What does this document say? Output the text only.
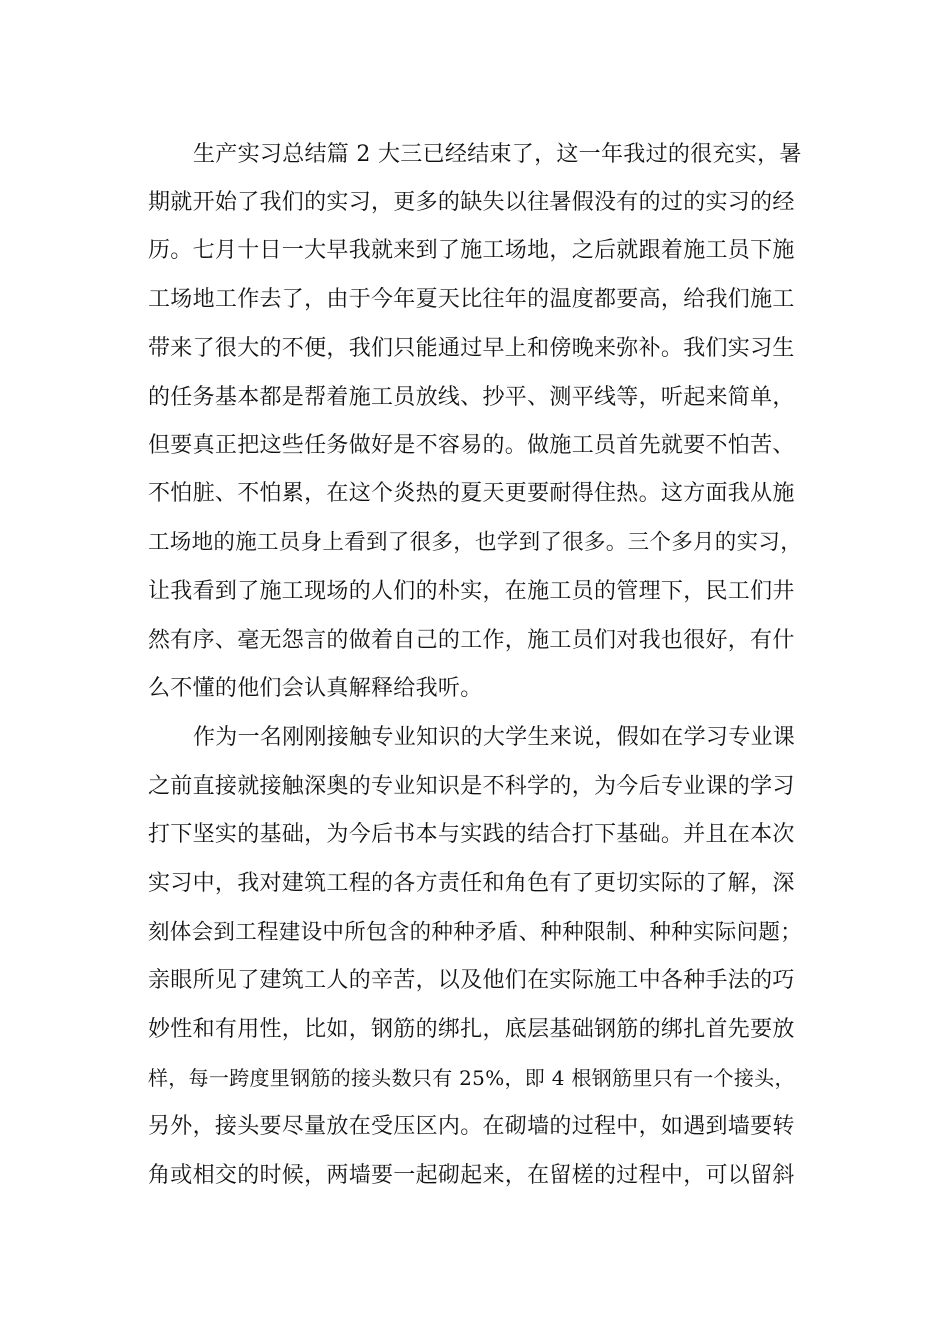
生产实习总结篇 2 大三已经结束了，这一年我过的很充实，暑
期就开始了我们的实习，更多的缺失以往暑假没有的过的实习的经
历。七月十日一大早我就来到了施工场地，之后就跟着施工员下施
工场地工作去了，由于今年夏天比往年的温度都要高，给我们施工
带来了很大的不便，我们只能通过早上和傍晚来弥补。我们实习生
的任务基本都是帮着施工员放线、抄平、测平线等，听起来简单，
但要真正把这些任务做好是不容易的。做施工员首先就要不怕苦、
不怕脏、不怕累，在这个炎热的夏天更要耐得住热。这方面我从施
工场地的施工员身上看到了很多，也学到了很多。三个多月的实习，
让我看到了施工现场的人们的朴实，在施工员的管理下，民工们井
然有序、毫无怨言的做着自己的工作，施工员们对我也很好，有什
么不懂的他们会认真解释给我听。
作为一名刚刚接触专业知识的大学生来说，假如在学习专业课
之前直接就接触深奥的专业知识是不科学的，为今后专业课的学习
打下坚实的基础，为今后书本与实践的结合打下基础。并且在本次
实习中，我对建筑工程的各方责任和角色有了更切实际的了解，深
刻体会到工程建设中所包含的种种矛盾、种种限制、种种实际问题；
亲眼所见了建筑工人的辛苦，以及他们在实际施工中各种手法的巧
妙性和有用性，比如，钢筋的绑扎，底层基础钢筋的绑扎首先要放
样，每一跨度里钢筋的接头数只有 25%，即 4 根钢筋里只有一个接头，
另外，接头要尽量放在受压区内。在砌墙的过程中，如遇到墙要转
角或相交的时候，两墙要一起砌起来，在留槎的过程中，可以留斜
